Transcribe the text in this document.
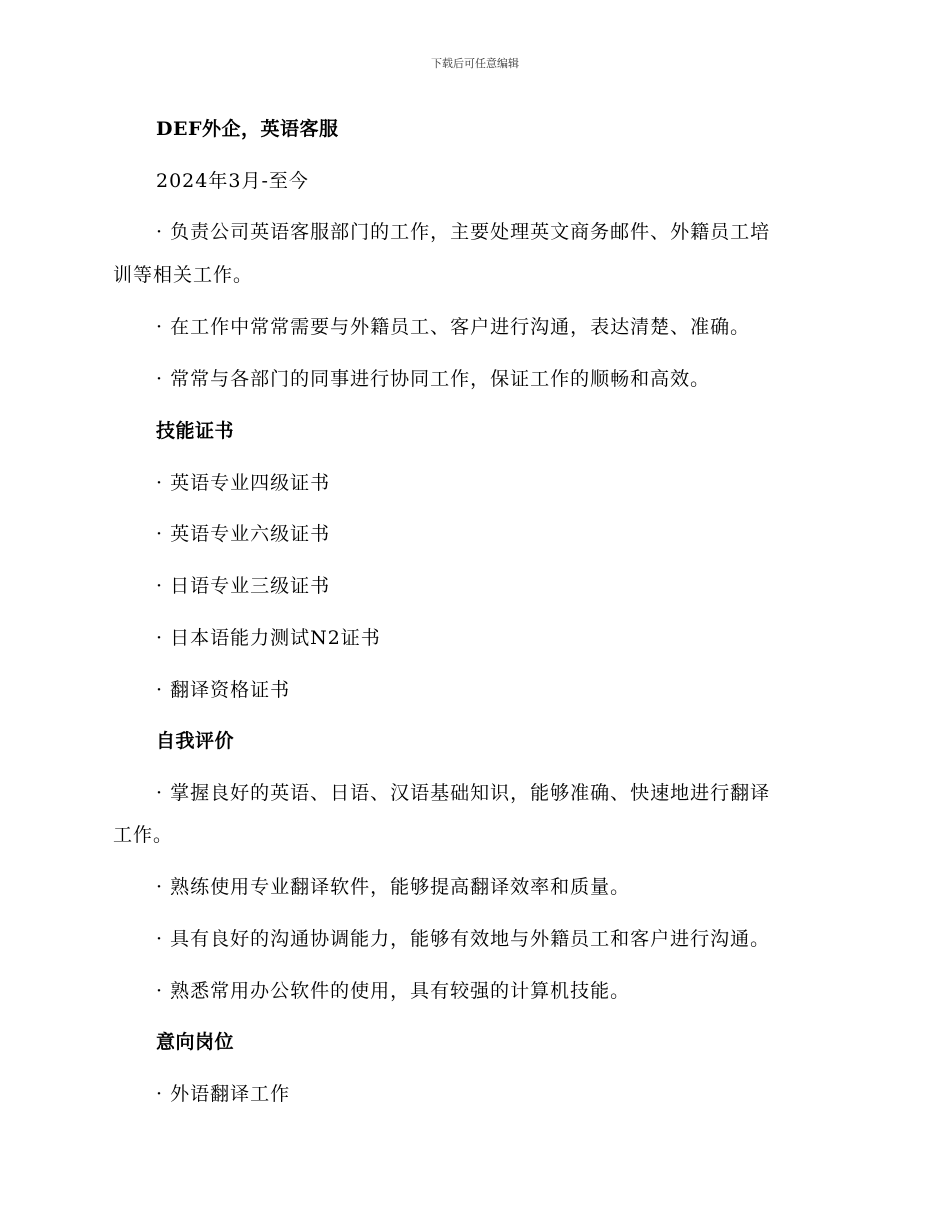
下载后可任意编辑
DEF外企，英语客服
2024年3月-至今
· 负责公司英语客服部门的工作，主要处理英文商务邮件、外籍员工培
训等相关工作。
· 在工作中常常需要与外籍员工、客户进行沟通，表达清楚、准确。
· 常常与各部门的同事进行协同工作，保证工作的顺畅和高效。
技能证书
· 英语专业四级证书
· 英语专业六级证书
· 日语专业三级证书
· 日本语能力测试N2证书
· 翻译资格证书
自我评价
· 掌握良好的英语、日语、汉语基础知识，能够准确、快速地进行翻译
工作。
· 熟练使用专业翻译软件，能够提高翻译效率和质量。
· 具有良好的沟通协调能力，能够有效地与外籍员工和客户进行沟通。
· 熟悉常用办公软件的使用，具有较强的计算机技能。
意向岗位
· 外语翻译工作
